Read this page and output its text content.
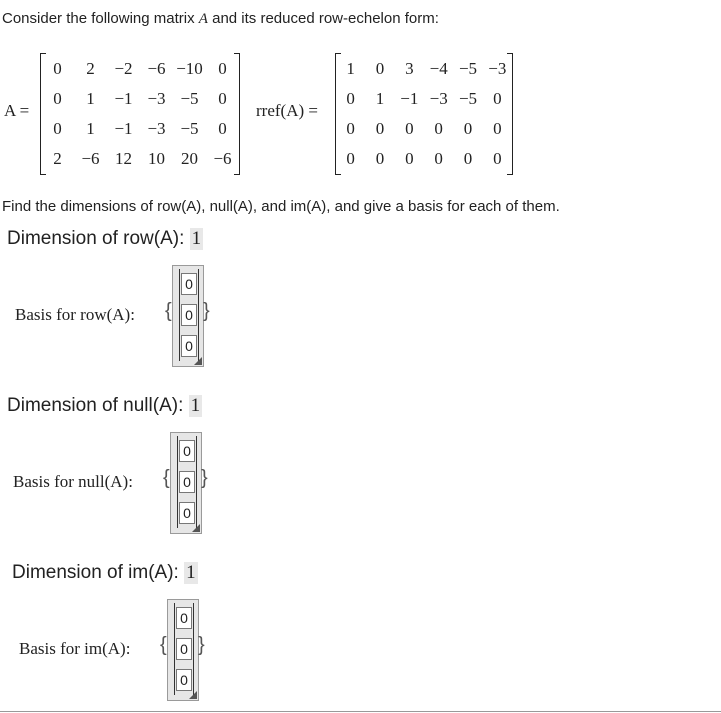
Consider the following matrix A and its reduced row-echelon form:
A =
0	2	−2 −6 −10 0
0	1	−1 −3 −5	0
0	1	−1 −3 −5	0
2	−6 12 10 20 −6
rref(A) =
1	0	3 −4 −5 −3
0	1 −1 −3 −5 0
0	0	0	0	0	0
0	0	0	0	0	0
Find the dimensions of row(A), null(A), and im(A), and give a basis for each of them.
Dimension of row(A): 1
Basis for row(A): {
0
0
0
}
Dimension of null(A): 1
Basis for null(A): {
0
0
0
}
Dimension of im(A): 1
Basis for im(A): {
0
0
0
}
